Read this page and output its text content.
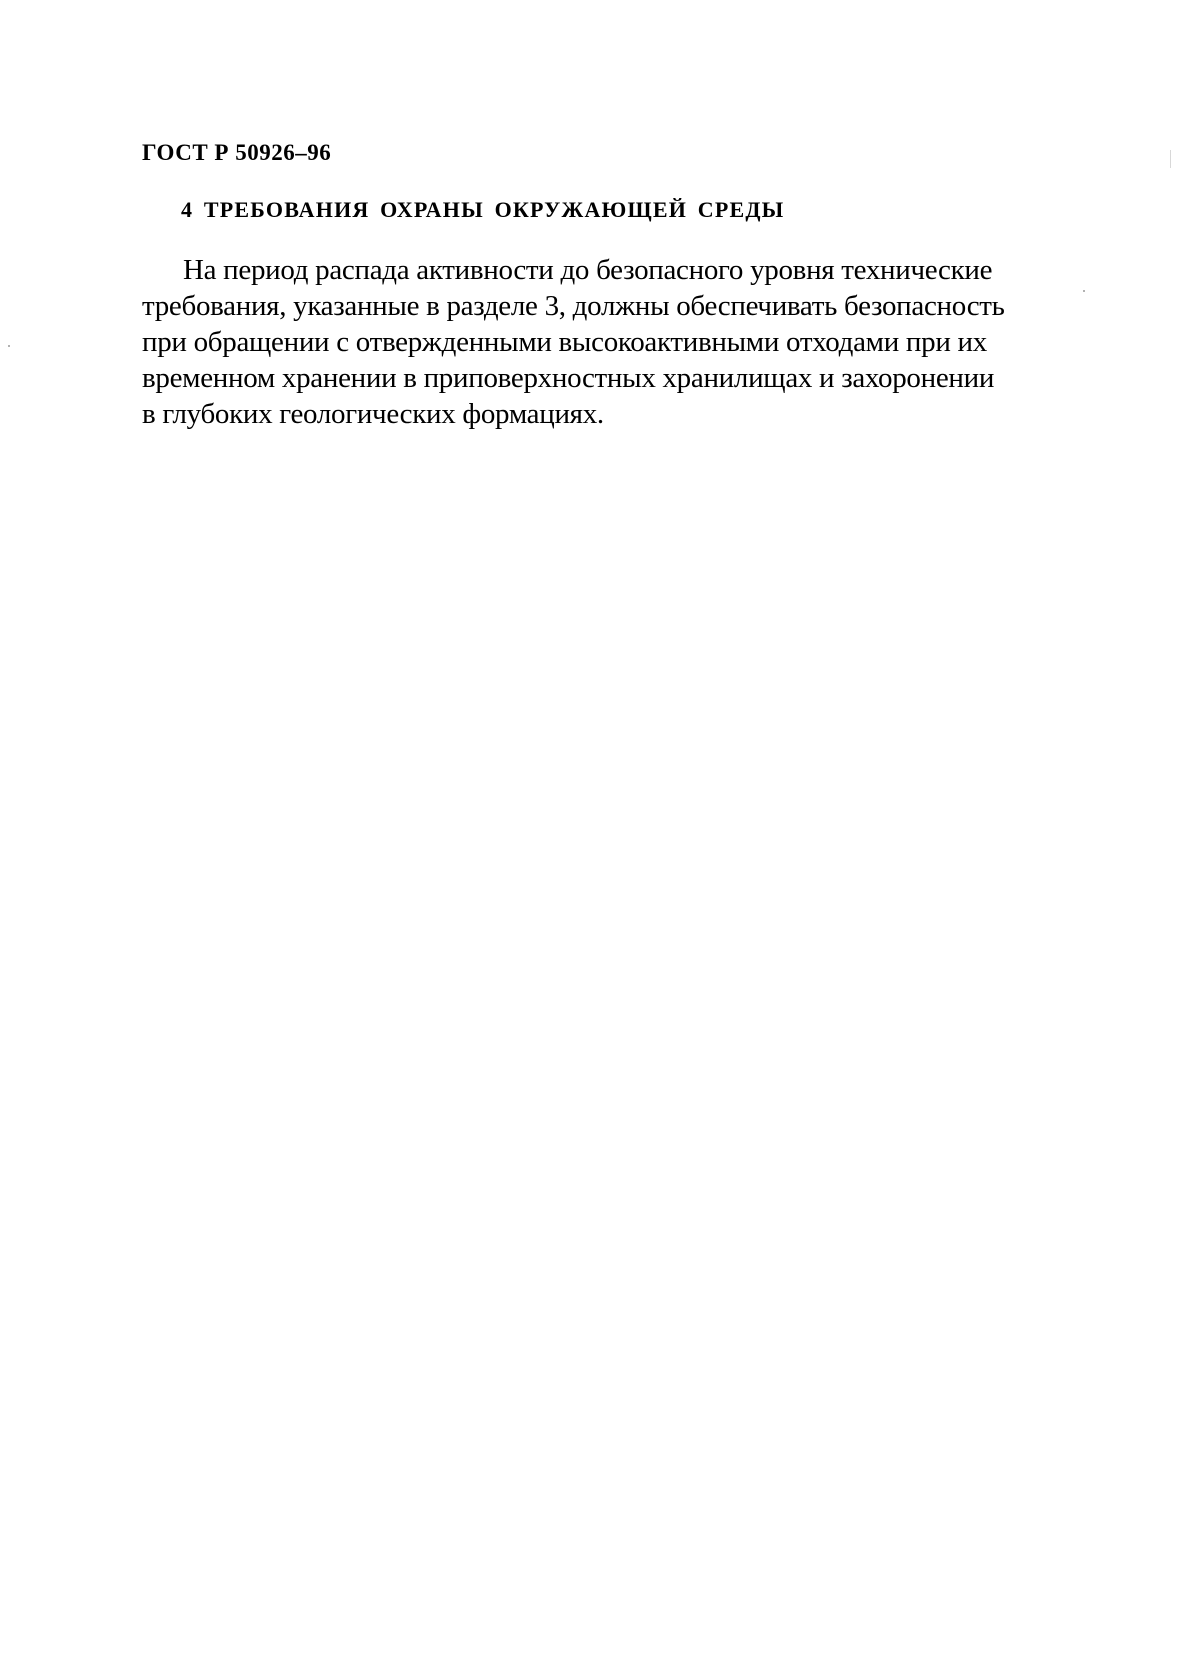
ГОСТ Р 50926–96
4 ТРЕБОВАНИЯ ОХРАНЫ ОКРУЖАЮЩЕЙ СРЕДЫ
На период распада активности до безопасного уровня технические
требования, указанные в разделе 3, должны обеспечивать безопасность
при обращении с отвержденными высокоактивными отходами при их
временном хранении в приповерхностных хранилищах и захоронении
в глубоких геологических формациях.
